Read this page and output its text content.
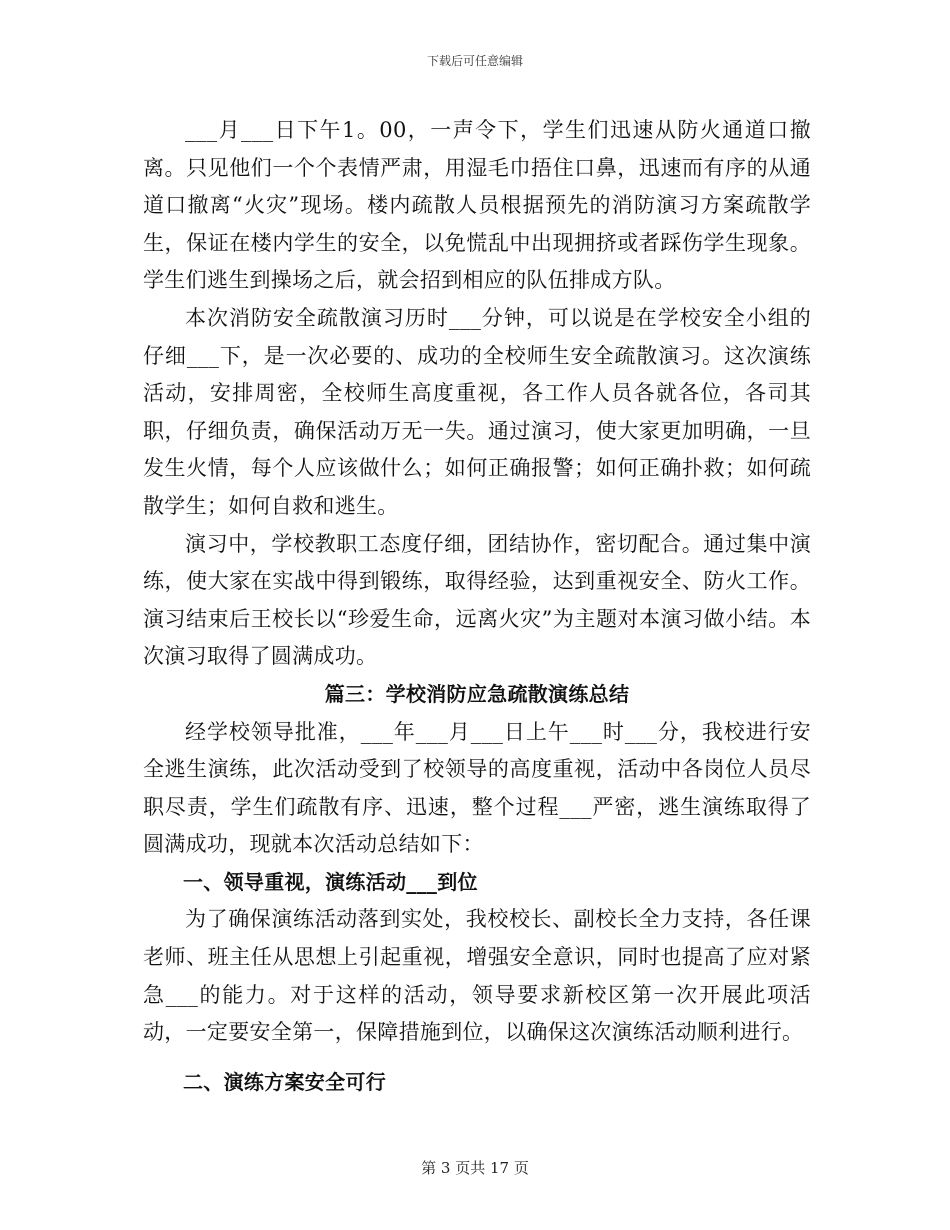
下载后可任意编辑

___月___日下午1。00，一声令下，学生们迅速从防火通道口撤离。只见他们一个个表情严肃，用湿毛巾捂住口鼻，迅速而有序的从通道口撤离“火灾”现场。楼内疏散人员根据预先的消防演习方案疏散学生，保证在楼内学生的安全，以免慌乱中出现拥挤或者踩伤学生现象。学生们逃生到操场之后，就会招到相应的队伍排成方队。

本次消防安全疏散演习历时___分钟，可以说是在学校安全小组的仔细___下，是一次必要的、成功的全校师生安全疏散演习。这次演练活动，安排周密，全校师生高度重视，各工作人员各就各位，各司其职，仔细负责，确保活动万无一失。通过演习，使大家更加明确，一旦发生火情，每个人应该做什么；如何正确报警；如何正确扑救；如何疏散学生；如何自救和逃生。

演习中，学校教职工态度仔细，团结协作，密切配合。通过集中演练，使大家在实战中得到锻练，取得经验，达到重视安全、防火工作。演习结束后王校长以“珍爱生命，远离火灾”为主题对本演习做小结。本次演习取得了圆满成功。

篇三：学校消防应急疏散演练总结

经学校领导批准，___年___月___日上午___时___分，我校进行安全逃生演练，此次活动受到了校领导的高度重视，活动中各岗位人员尽职尽责，学生们疏散有序、迅速，整个过程___严密，逃生演练取得了圆满成功，现就本次活动总结如下：

一、领导重视，演练活动___到位

为了确保演练活动落到实处，我校校长、副校长全力支持，各任课老师、班主任从思想上引起重视，增强安全意识，同时也提高了应对紧急___的能力。对于这样的活动，领导要求新校区第一次开展此项活动，一定要安全第一，保障措施到位，以确保这次演练活动顺利进行。

二、演练方案安全可行

第 3 页共 17 页
